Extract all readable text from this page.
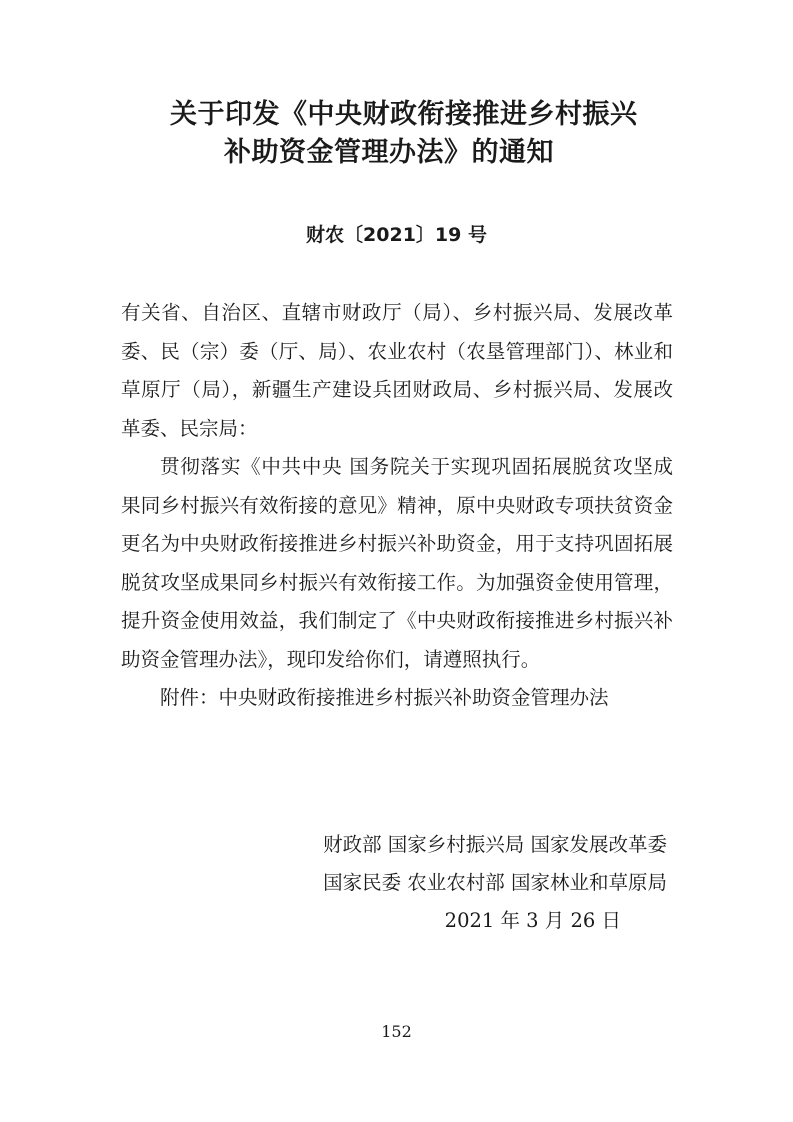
关于印发《中央财政衔接推进乡村振兴
补助资金管理办法》的通知
财农〔2021〕19 号

有关省、自治区、直辖市财政厅（局）、乡村振兴局、发展改革委、民（宗）委（厅、局）、农业农村（农垦管理部门）、林业和草原厅（局），新疆生产建设兵团财政局、乡村振兴局、发展改革委、民宗局：

贯彻落实《中共中央 国务院关于实现巩固拓展脱贫攻坚成果同乡村振兴有效衔接的意见》精神，原中央财政专项扶贫资金更名为中央财政衔接推进乡村振兴补助资金，用于支持巩固拓展脱贫攻坚成果同乡村振兴有效衔接工作。为加强资金使用管理，提升资金使用效益，我们制定了《中央财政衔接推进乡村振兴补助资金管理办法》，现印发给你们，请遵照执行。

附件：中央财政衔接推进乡村振兴补助资金管理办法

财政部 国家乡村振兴局 国家发展改革委
国家民委 农业农村部 国家林业和草原局
2021 年 3 月 26 日
152
